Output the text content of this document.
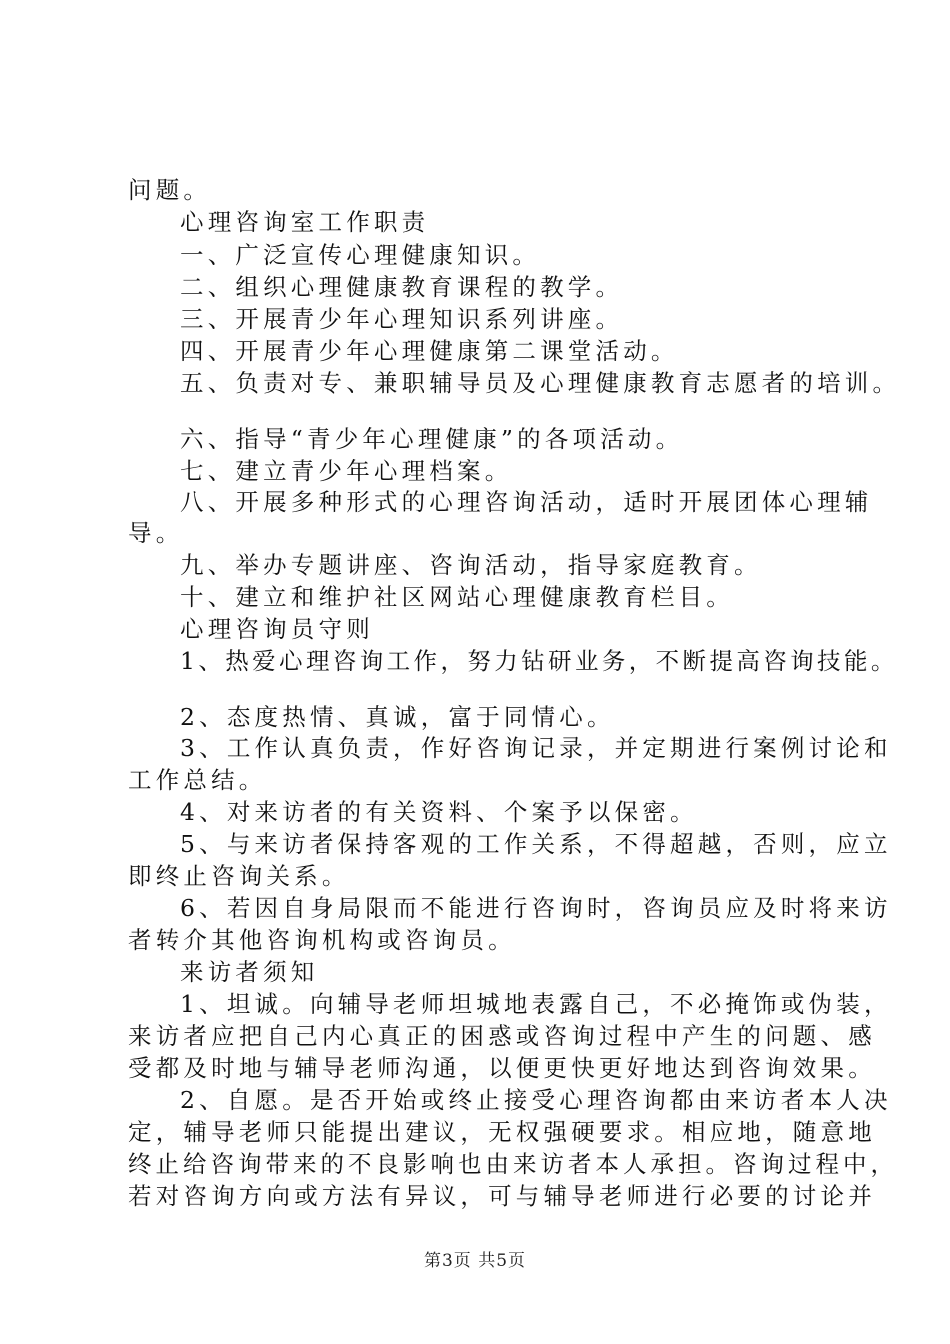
问题。
心理咨询室工作职责
一、广泛宣传心理健康知识。
二、组织心理健康教育课程的教学。
三、开展青少年心理知识系列讲座。
四、开展青少年心理健康第二课堂活动。
五、负责对专、兼职辅导员及心理健康教育志愿者的培训。
六、指导“青少年心理健康”的各项活动。
七、建立青少年心理档案。
八、开展多种形式的心理咨询活动，适时开展团体心理辅
导。
九、举办专题讲座、咨询活动，指导家庭教育。
十、建立和维护社区网站心理健康教育栏目。
心理咨询员守则
1、热爱心理咨询工作，努力钻研业务，不断提高咨询技能。
2、态度热情、真诚，富于同情心。
3、工作认真负责，作好咨询记录，并定期进行案例讨论和
工作总结。
4、对来访者的有关资料、个案予以保密。
5、与来访者保持客观的工作关系，不得超越，否则，应立
即终止咨询关系。
6、若因自身局限而不能进行咨询时，咨询员应及时将来访
者转介其他咨询机构或咨询员。
来访者须知
1、坦诚。向辅导老师坦城地表露自己，不必掩饰或伪装，
来访者应把自己内心真正的困惑或咨询过程中产生的问题、感
受都及时地与辅导老师沟通，以便更快更好地达到咨询效果。
2、自愿。是否开始或终止接受心理咨询都由来访者本人决
定，辅导老师只能提出建议，无权强硬要求。相应地，随意地
终止给咨询带来的不良影响也由来访者本人承担。咨询过程中，
若对咨询方向或方法有异议，可与辅导老师进行必要的讨论并
第3页 共5页
